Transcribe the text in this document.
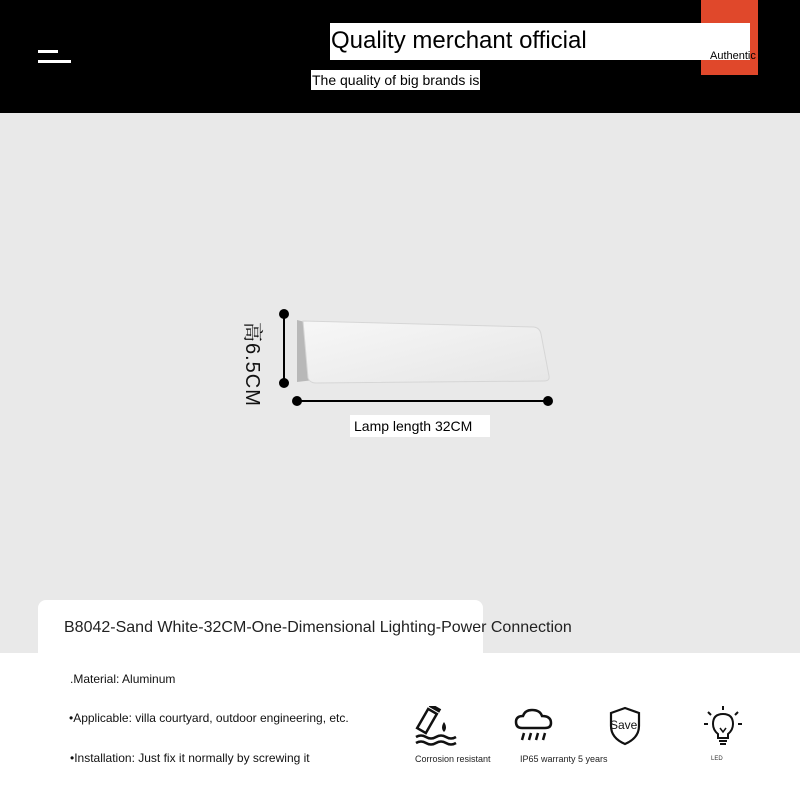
Quality merchant official
Authentic
The quality of big brands is
高6.5CM
Lamp length 32CM
B8042-Sand White-32CM-One-Dimensional Lighting-Power Connection
.Material: Aluminum
•Applicable: villa courtyard, outdoor engineering, etc.
•Installation: Just fix it normally by screwing it	Corrosion resistant	IP65 warranty 5 years
Save
LED
